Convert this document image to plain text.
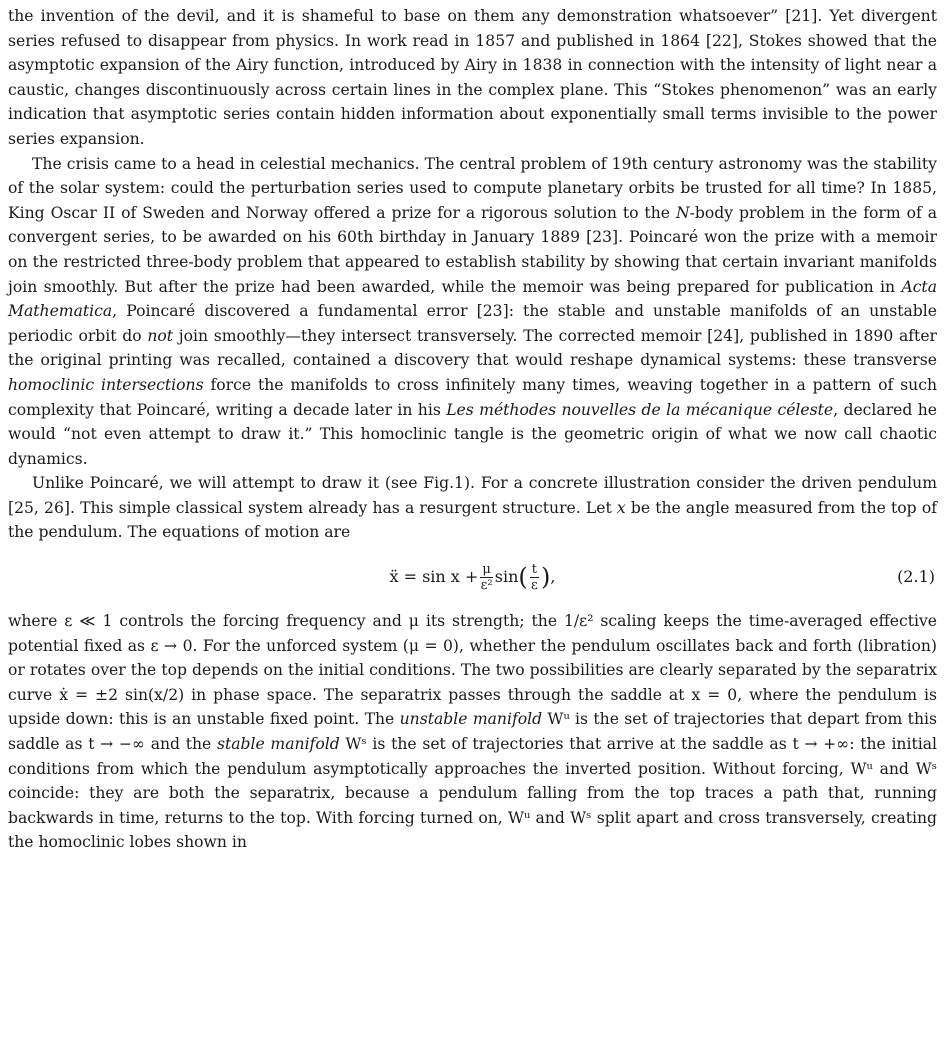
the invention of the devil, and it is shameful to base on them any demonstration whatsoever” [21]. Yet divergent series refused to disappear from physics. In work read in 1857 and published in 1864 [22], Stokes showed that the asymptotic expansion of the Airy function, introduced by Airy in 1838 in connection with the intensity of light near a caustic, changes discontinuously across certain lines in the complex plane. This “Stokes phenomenon” was an early indication that asymptotic series contain hidden information about exponentially small terms invisible to the power series expansion.

The crisis came to a head in celestial mechanics. The central problem of 19th century astronomy was the stability of the solar system: could the perturbation series used to compute planetary orbits be trusted for all time? In 1885, King Oscar II of Sweden and Norway offered a prize for a rigorous solution to the N-body problem in the form of a convergent series, to be awarded on his 60th birthday in January 1889 [23]. Poincaré won the prize with a memoir on the restricted three-body problem that appeared to establish stability by showing that certain invariant manifolds join smoothly. But after the prize had been awarded, while the memoir was being prepared for publication in Acta Mathematica, Poincaré discovered a fundamental error [23]: the stable and unstable manifolds of an unstable periodic orbit do not join smoothly—they intersect transversely. The corrected memoir [24], published in 1890 after the original printing was recalled, contained a discovery that would reshape dynamical systems: these transverse homoclinic intersections force the manifolds to cross infinitely many times, weaving together in a pattern of such complexity that Poincaré, writing a decade later in his Les méthodes nouvelles de la mécanique céleste, declared he would “not even attempt to draw it.” This homoclinic tangle is the geometric origin of what we now call chaotic dynamics.

Unlike Poincaré, we will attempt to draw it (see Fig.1). For a concrete illustration consider the driven pendulum [25, 26]. This simple classical system already has a resurgent structure. Let x be the angle measured from the top of the pendulum. The equations of motion are

ẍ = $\sin x + \frac{\mu}{\text{ε²}}$ sin ( $\frac{t}{\varepsilon}$ ) ,	(2.1)

where ε ≪ 1 controls the forcing frequency and μ its strength; the 1/ε² scaling keeps the time-averaged effective potential fixed as ε → 0. For the unforced system (μ = 0), whether the pendulum oscillates back and forth (libration) or rotates over the top depends on the initial conditions. The two possibilities are clearly separated by the separatrix curve ẋ = ±2 sin(x/2) in phase space. The separatrix passes through the saddle at x = 0, where the pendulum is upside down: this is an unstable fixed point. The unstable manifold Wᵘ is the set of trajectories that depart from this saddle as t → −∞ and the stable manifold Wˢ is the set of trajectories that arrive at the saddle as t → +∞: the initial conditions from which the pendulum asymptotically approaches the inverted position. Without forcing, Wᵘ and Wˢ coincide: they are both the separatrix, because a pendulum falling from the top traces a path that, running backwards in time, returns to the top. With forcing turned on, Wᵘ and Wˢ split apart and cross transversely, creating the homoclinic lobes shown in
